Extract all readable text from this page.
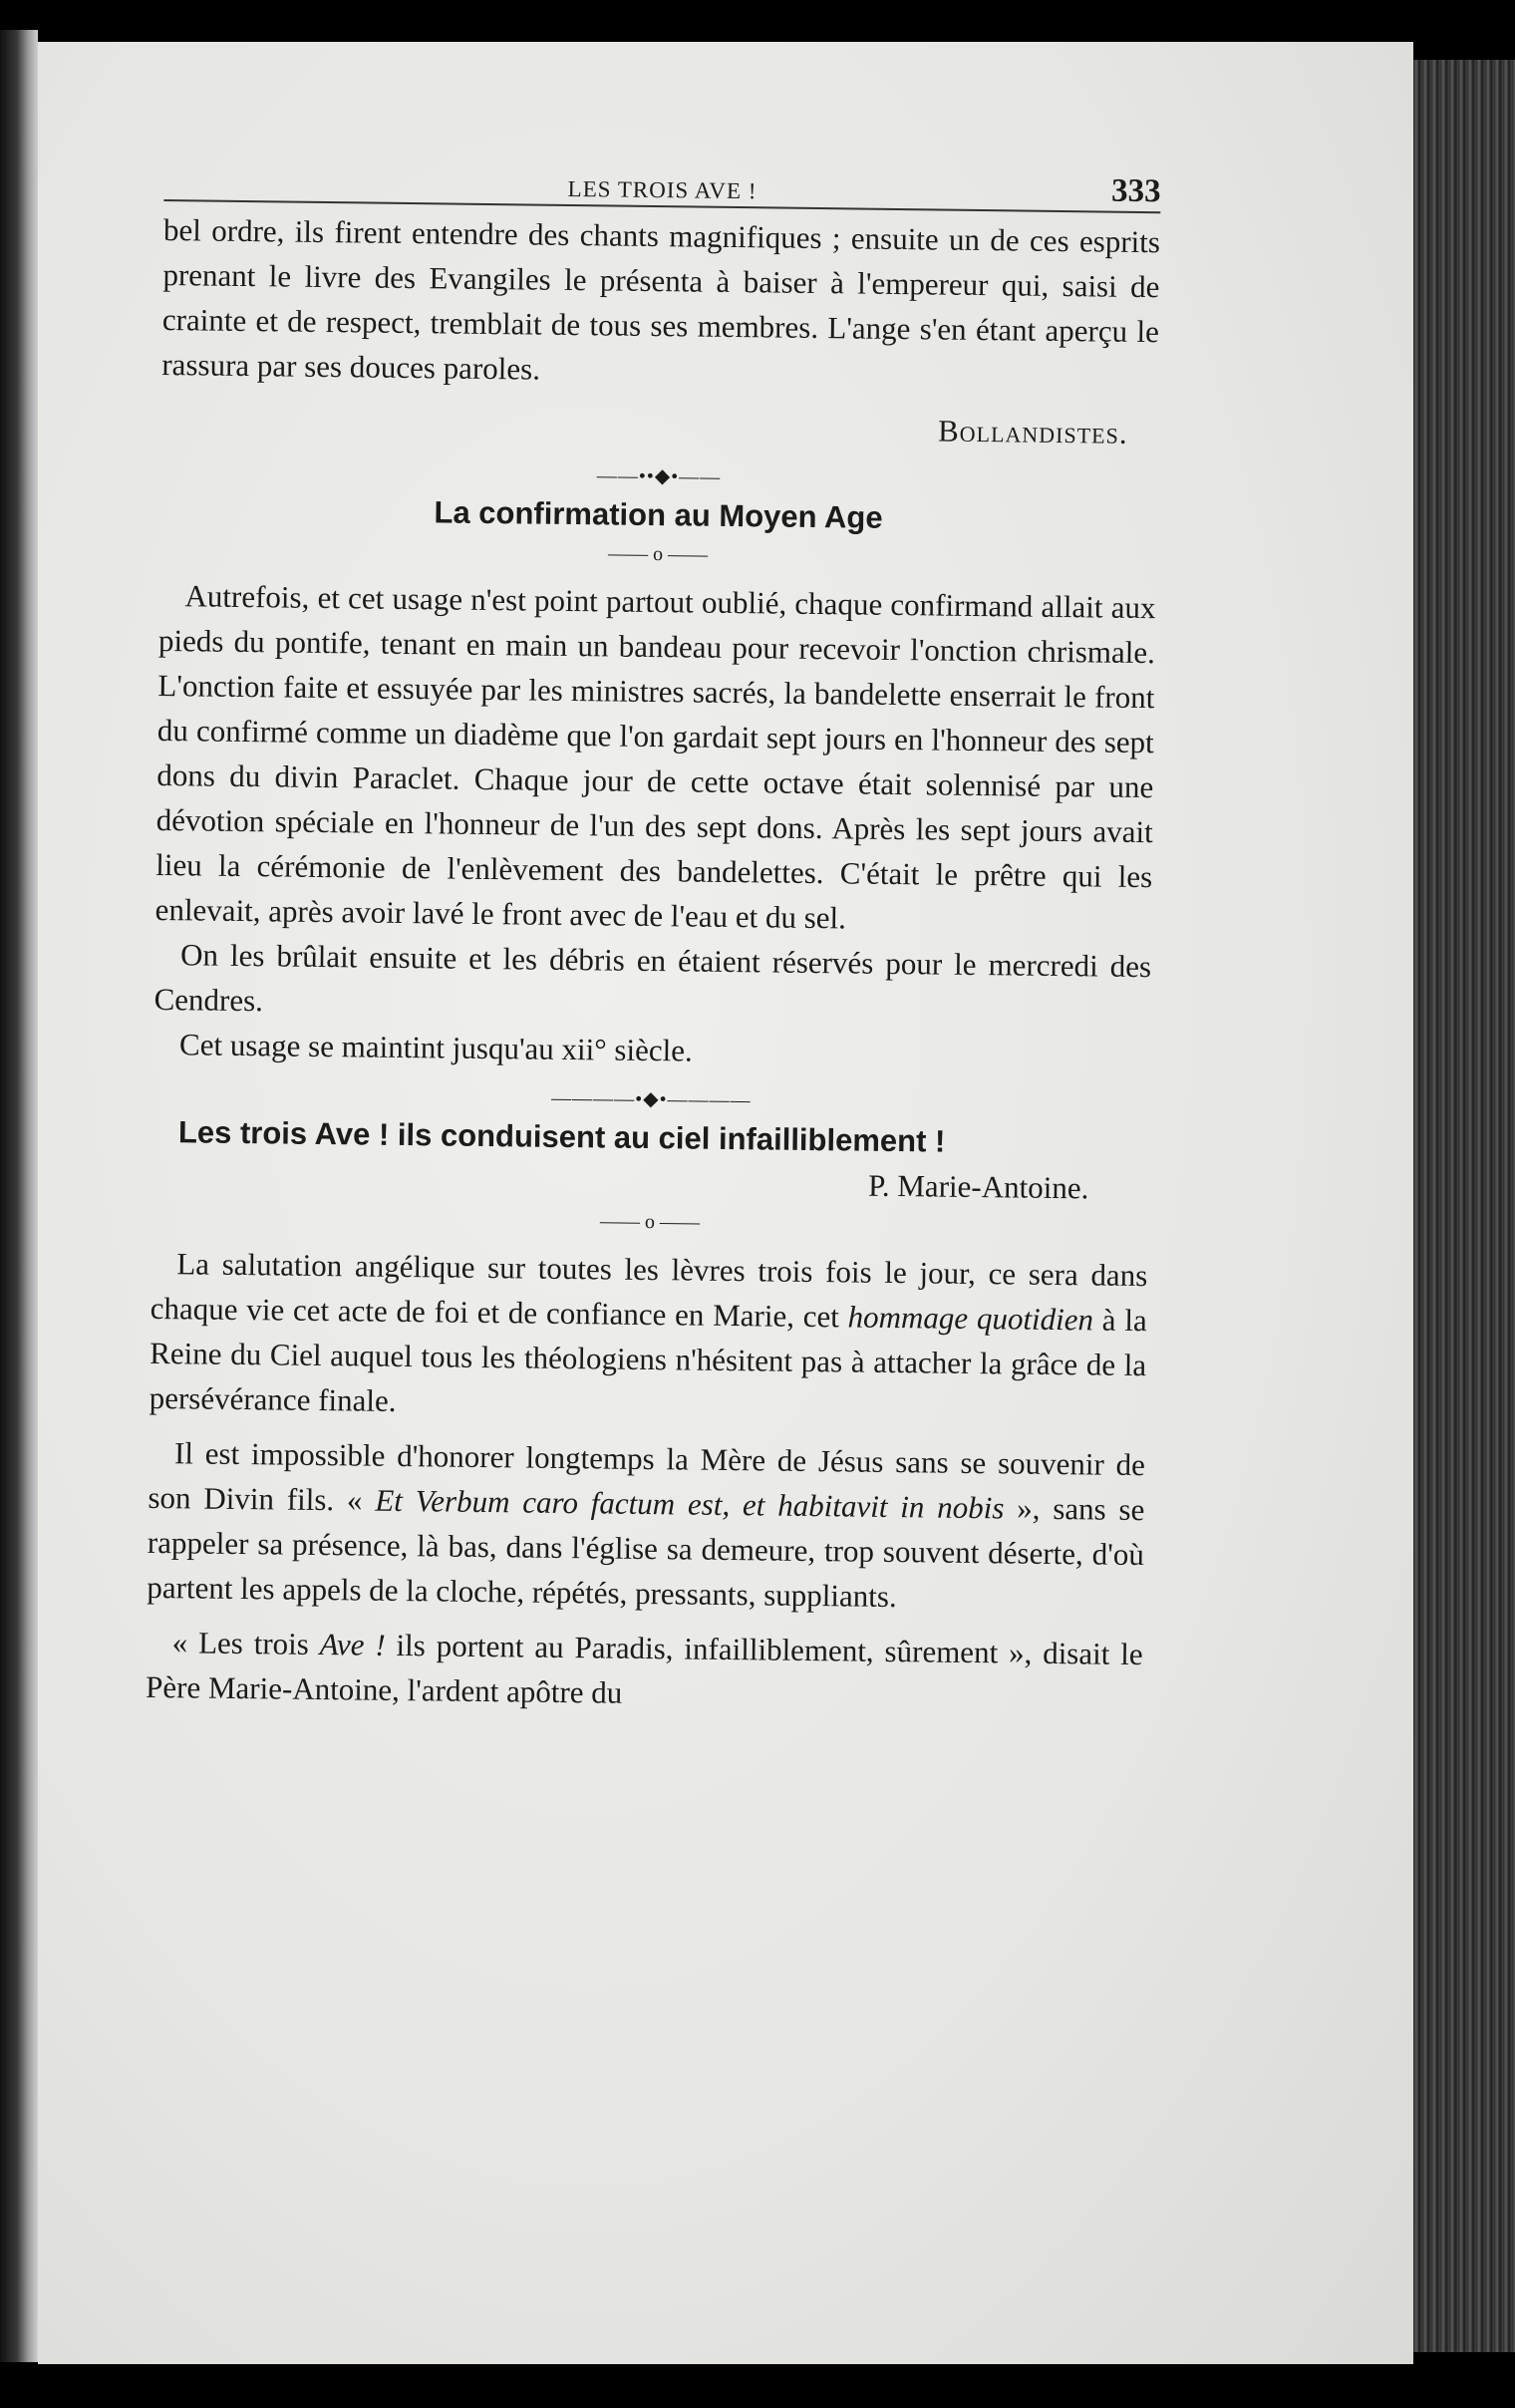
LES TROIS AVE !	333

bel ordre, ils firent entendre des chants magnifiques ; ensuite un de ces esprits prenant le livre des Evangiles le présenta à baiser à l'empereur qui, saisi de crainte et de respect, tremblait de tous ses membres. L'ange s'en étant aperçu le rassura par ses douces paroles.

Bollandistes.
——••◆•——
La confirmation au Moyen Age
—— o ——

Autrefois, et cet usage n'est point partout oublié, chaque confirmand allait aux pieds du pontife, tenant en main un bandeau pour recevoir l'onction chrismale. L'onction faite et essuyée par les ministres sacrés, la bandelette enserrait le front du confirmé comme un diadème que l'on gardait sept jours en l'honneur des sept dons du divin Paraclet. Chaque jour de cette octave était solennisé par une dévotion spéciale en l'honneur de l'un des sept dons. Après les sept jours avait lieu la cérémonie de l'enlèvement des bandelettes. C'était le prêtre qui les enlevait, après avoir lavé le front avec de l'eau et du sel.

On les brûlait ensuite et les débris en étaient réservés pour le mercredi des Cendres.

Cet usage se maintint jusqu'au xii° siècle.

————•◆•————
Les trois Ave ! ils conduisent au ciel infailliblement !
P. Marie-Antoine.
—— o ——

La salutation angélique sur toutes les lèvres trois fois le jour, ce sera dans chaque vie cet acte de foi et de confiance en Marie, cet hommage quotidien à la Reine du Ciel auquel tous les théologiens n'hésitent pas à attacher la grâce de la persévérance finale.

Il est impossible d'honorer longtemps la Mère de Jésus sans se souvenir de son Divin fils. « Et Verbum caro factum est, et habitavit in nobis », sans se rappeler sa présence, là bas, dans l'église sa demeure, trop souvent déserte, d'où partent les appels de la cloche, répétés, pressants, suppliants.

« Les trois Ave ! ils portent au Paradis, infailliblement, sûrement », disait le Père Marie-Antoine, l'ardent apôtre du
